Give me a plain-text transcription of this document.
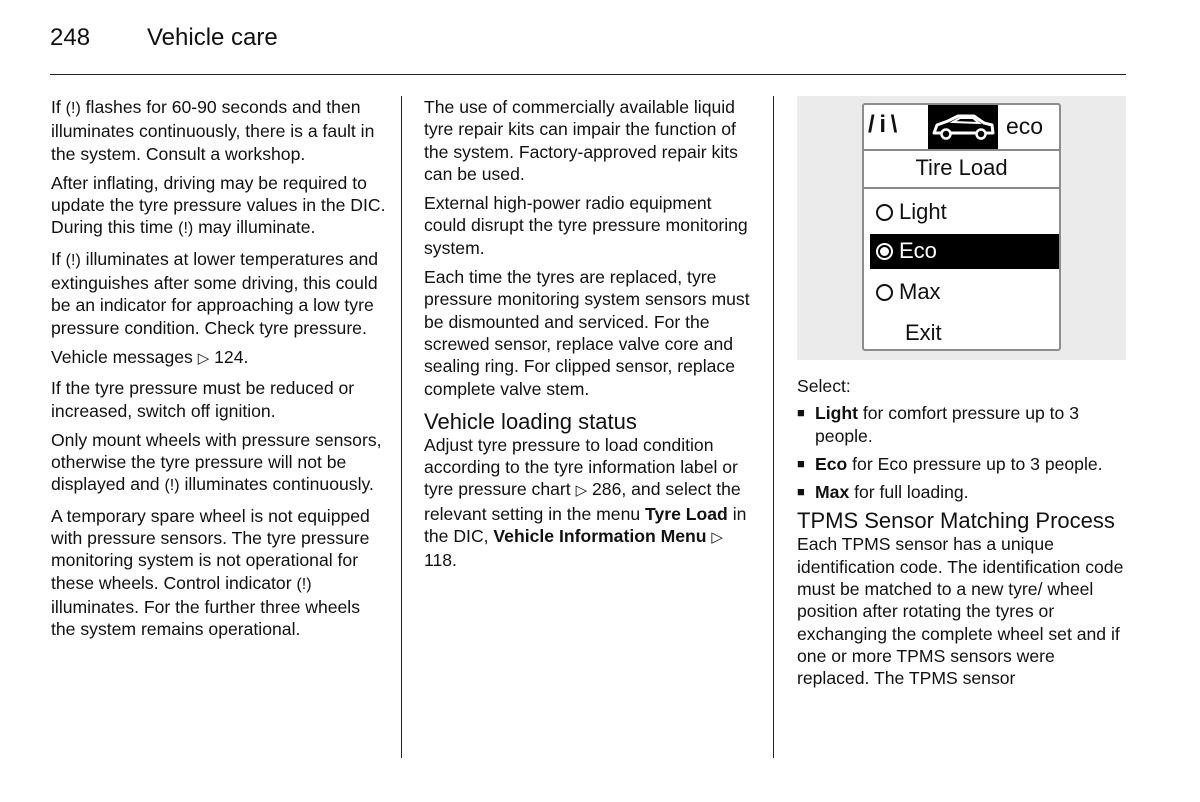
248 Vehicle care

If (!) flashes for 60-90 seconds and then illuminates continuously, there is a fault in the system. Consult a workshop.

After inflating, driving may be required to update the tyre pressure values in the DIC. During this time (!) may illuminate.

If (!) illuminates at lower temperatures and extinguishes after some driving, this could be an indicator for approaching a low tyre pressure condition. Check tyre pressure.

Vehicle messages ▷ 124.

If the tyre pressure must be reduced or increased, switch off ignition.

Only mount wheels with pressure sensors, otherwise the tyre pressure will not be displayed and (!) illuminates continuously.

A temporary spare wheel is not equipped with pressure sensors. The tyre pressure monitoring system is not operational for these wheels. Control indicator (!) illuminates. For the further three wheels the system remains operational.

The use of commercially available liquid tyre repair kits can impair the function of the system. Factory-approved repair kits can be used.

External high-power radio equipment could disrupt the tyre pressure monitoring system.

Each time the tyres are replaced, tyre pressure monitoring system sensors must be dismounted and serviced. For the screwed sensor, replace valve core and sealing ring. For clipped sensor, replace complete valve stem.

Vehicle loading status

Adjust tyre pressure to load condition according to the tyre information label or tyre pressure chart ▷ 286, and select the relevant setting in the menu Tyre Load in the DIC, Vehicle Information Menu ▷ 118.

/ i \	eco
Tire Load
Light
Eco
Max
Exit

Select:

■ Light for comfort pressure up to 3 people.
■ Eco for Eco pressure up to 3 people.
■ Max for full loading.
TPMS Sensor Matching Process

Each TPMS sensor has a unique identification code. The identification code must be matched to a new tyre/ wheel position after rotating the tyres or exchanging the complete wheel set and if one or more TPMS sensors were replaced. The TPMS sensor
